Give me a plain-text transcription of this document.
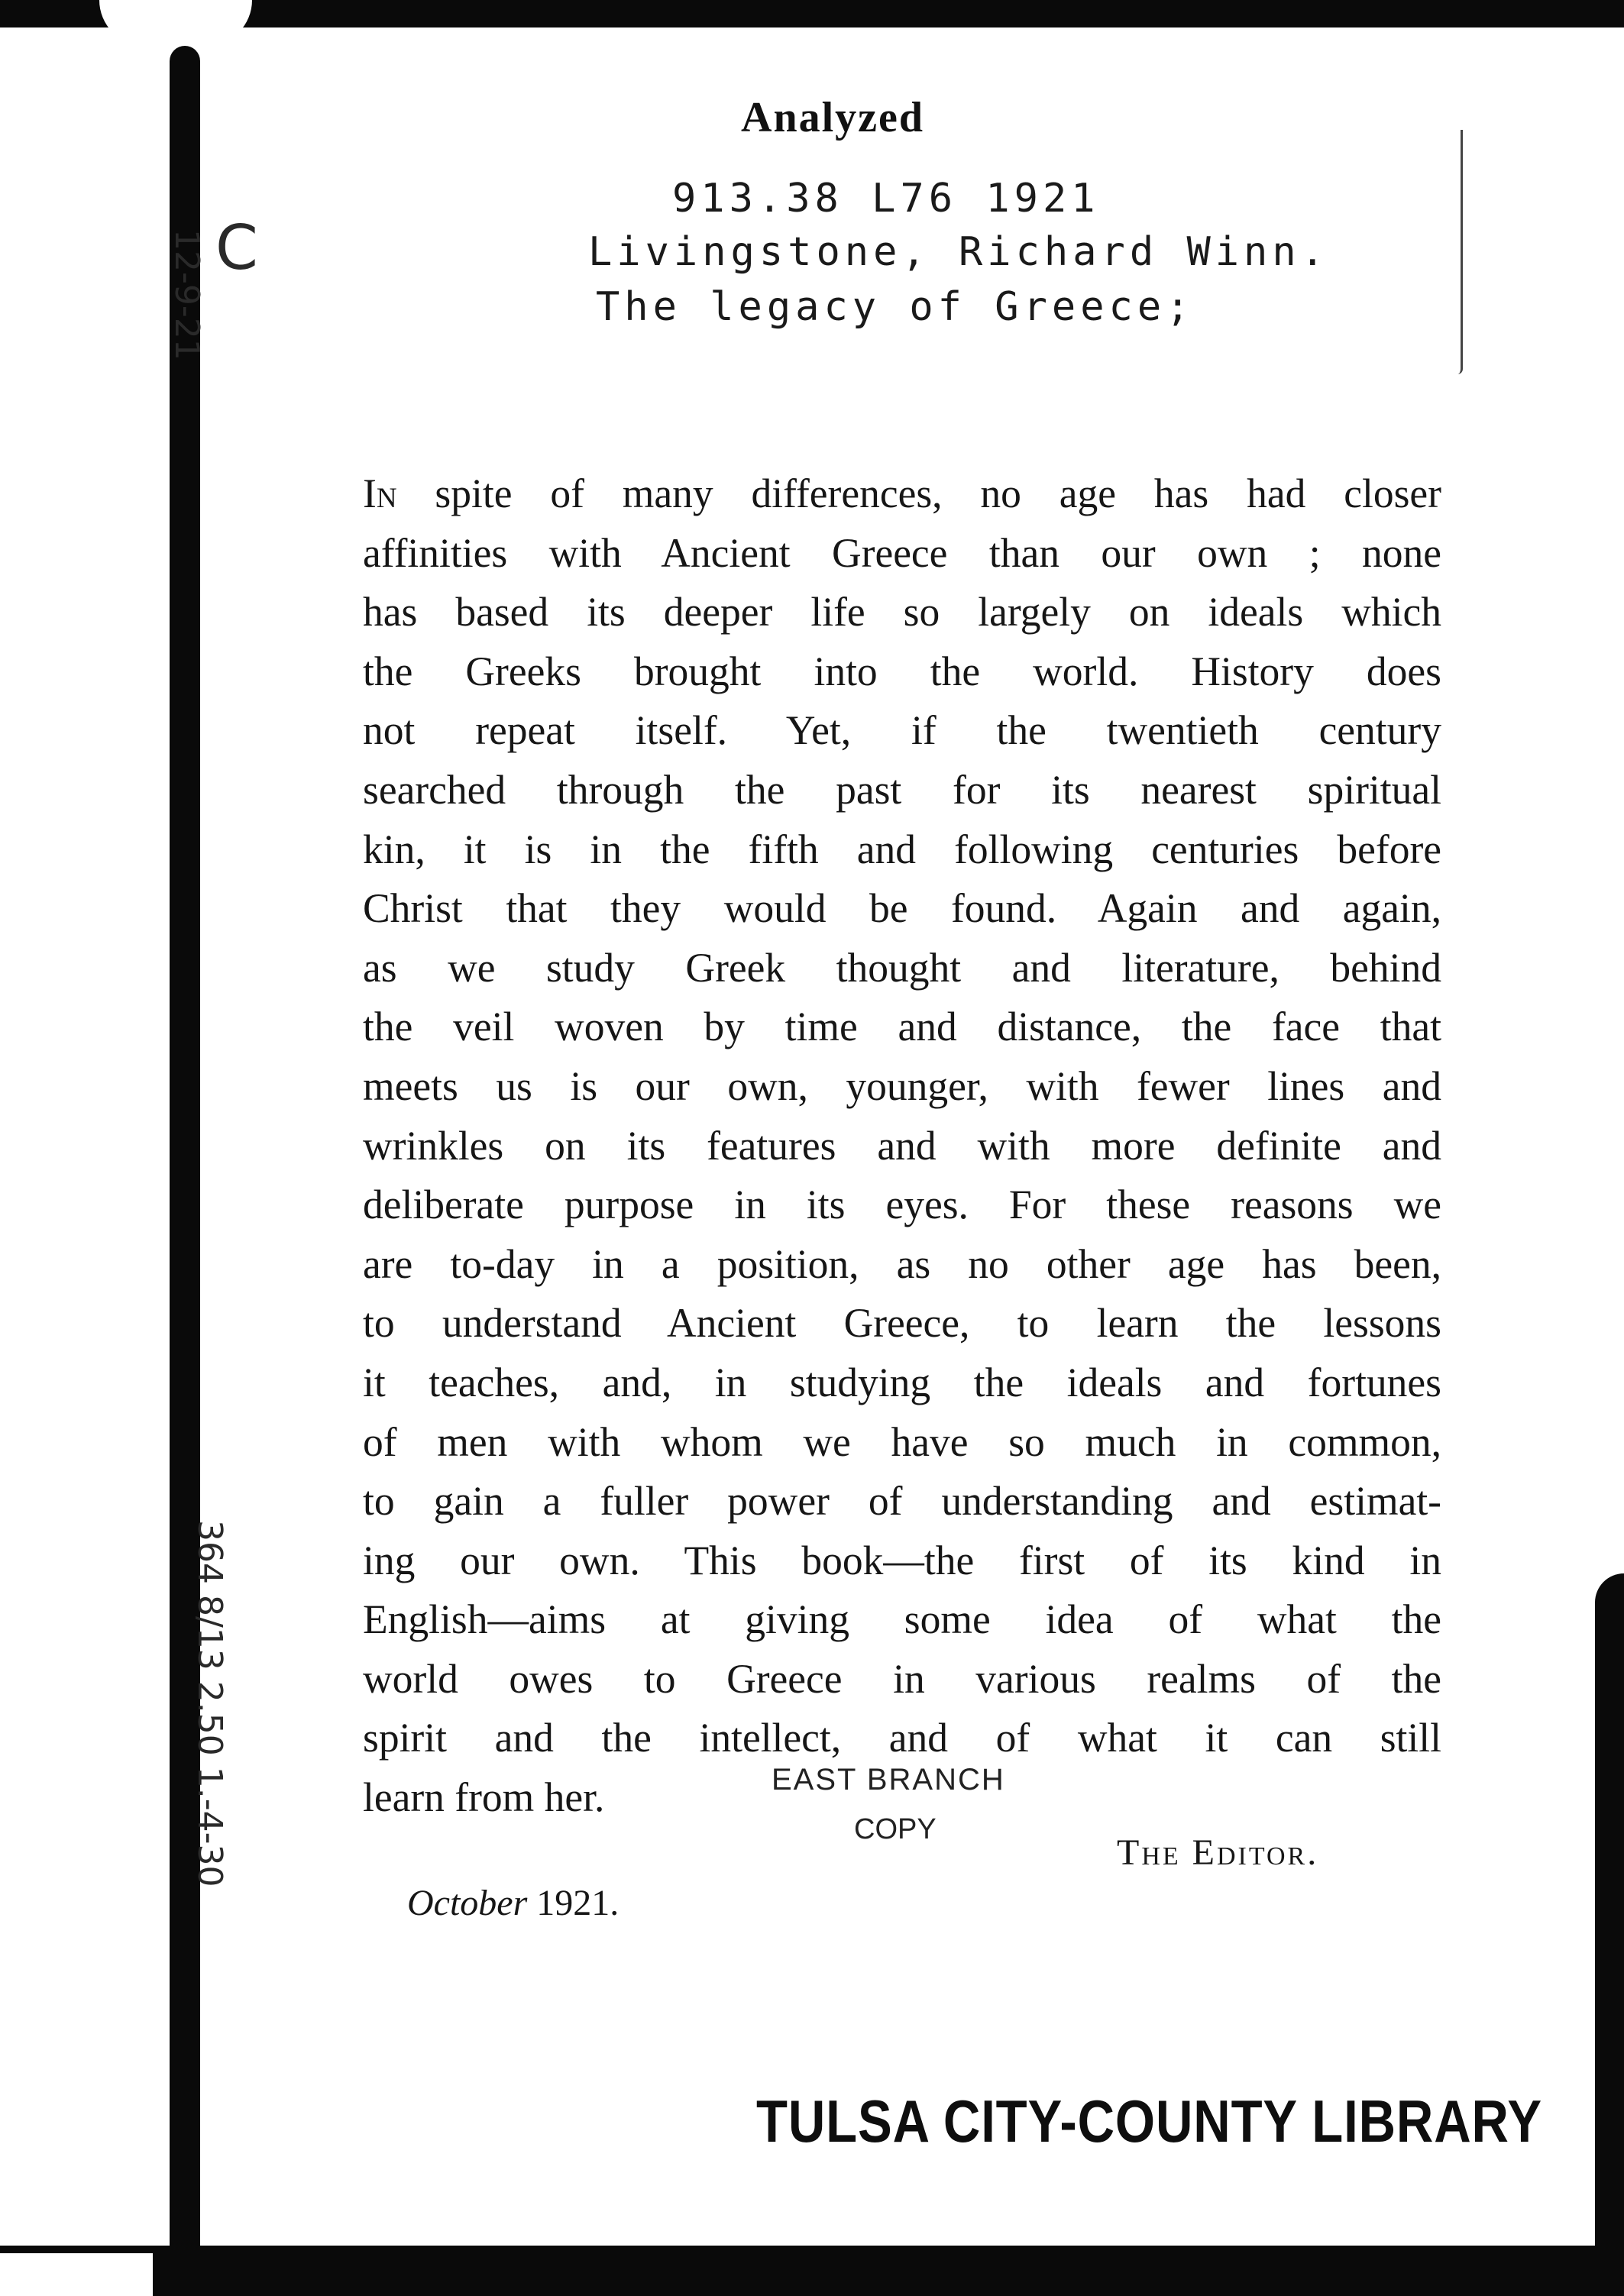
Analyzed
913.38 L76 1921
Livingstone, Richard Winn.
The legacy of Greece;
C
12-9-21
364 8/13 2.50 1.-4-30
In spite of many differences, no age has had closer
affinities with Ancient Greece than our own ; none
has based its deeper life so largely on ideals which
the Greeks brought into the world. History does
not repeat itself. Yet, if the twentieth century
searched through the past for its nearest spiritual
kin, it is in the fifth and following centuries before
Christ that they would be found. Again and again,
as we study Greek thought and literature, behind
the veil woven by time and distance, the face that
meets us is our own, younger, with fewer lines and
wrinkles on its features and with more definite and
deliberate purpose in its eyes. For these reasons we
are to-day in a position, as no other age has been,
to understand Ancient Greece, to learn the lessons
it teaches, and, in studying the ideals and fortunes
of men with whom we have so much in common,
to gain a fuller power of understanding and estimat-
ing our own. This book—the first of its kind in
English—aims at giving some idea of what the
world owes to Greece in various realms of the
spirit and the intellect, and of what it can still
learn from her.	EAST BRANCH
COPY
The Editor.
October 1921.
TULSA CITY-COUNTY LIBRARY
